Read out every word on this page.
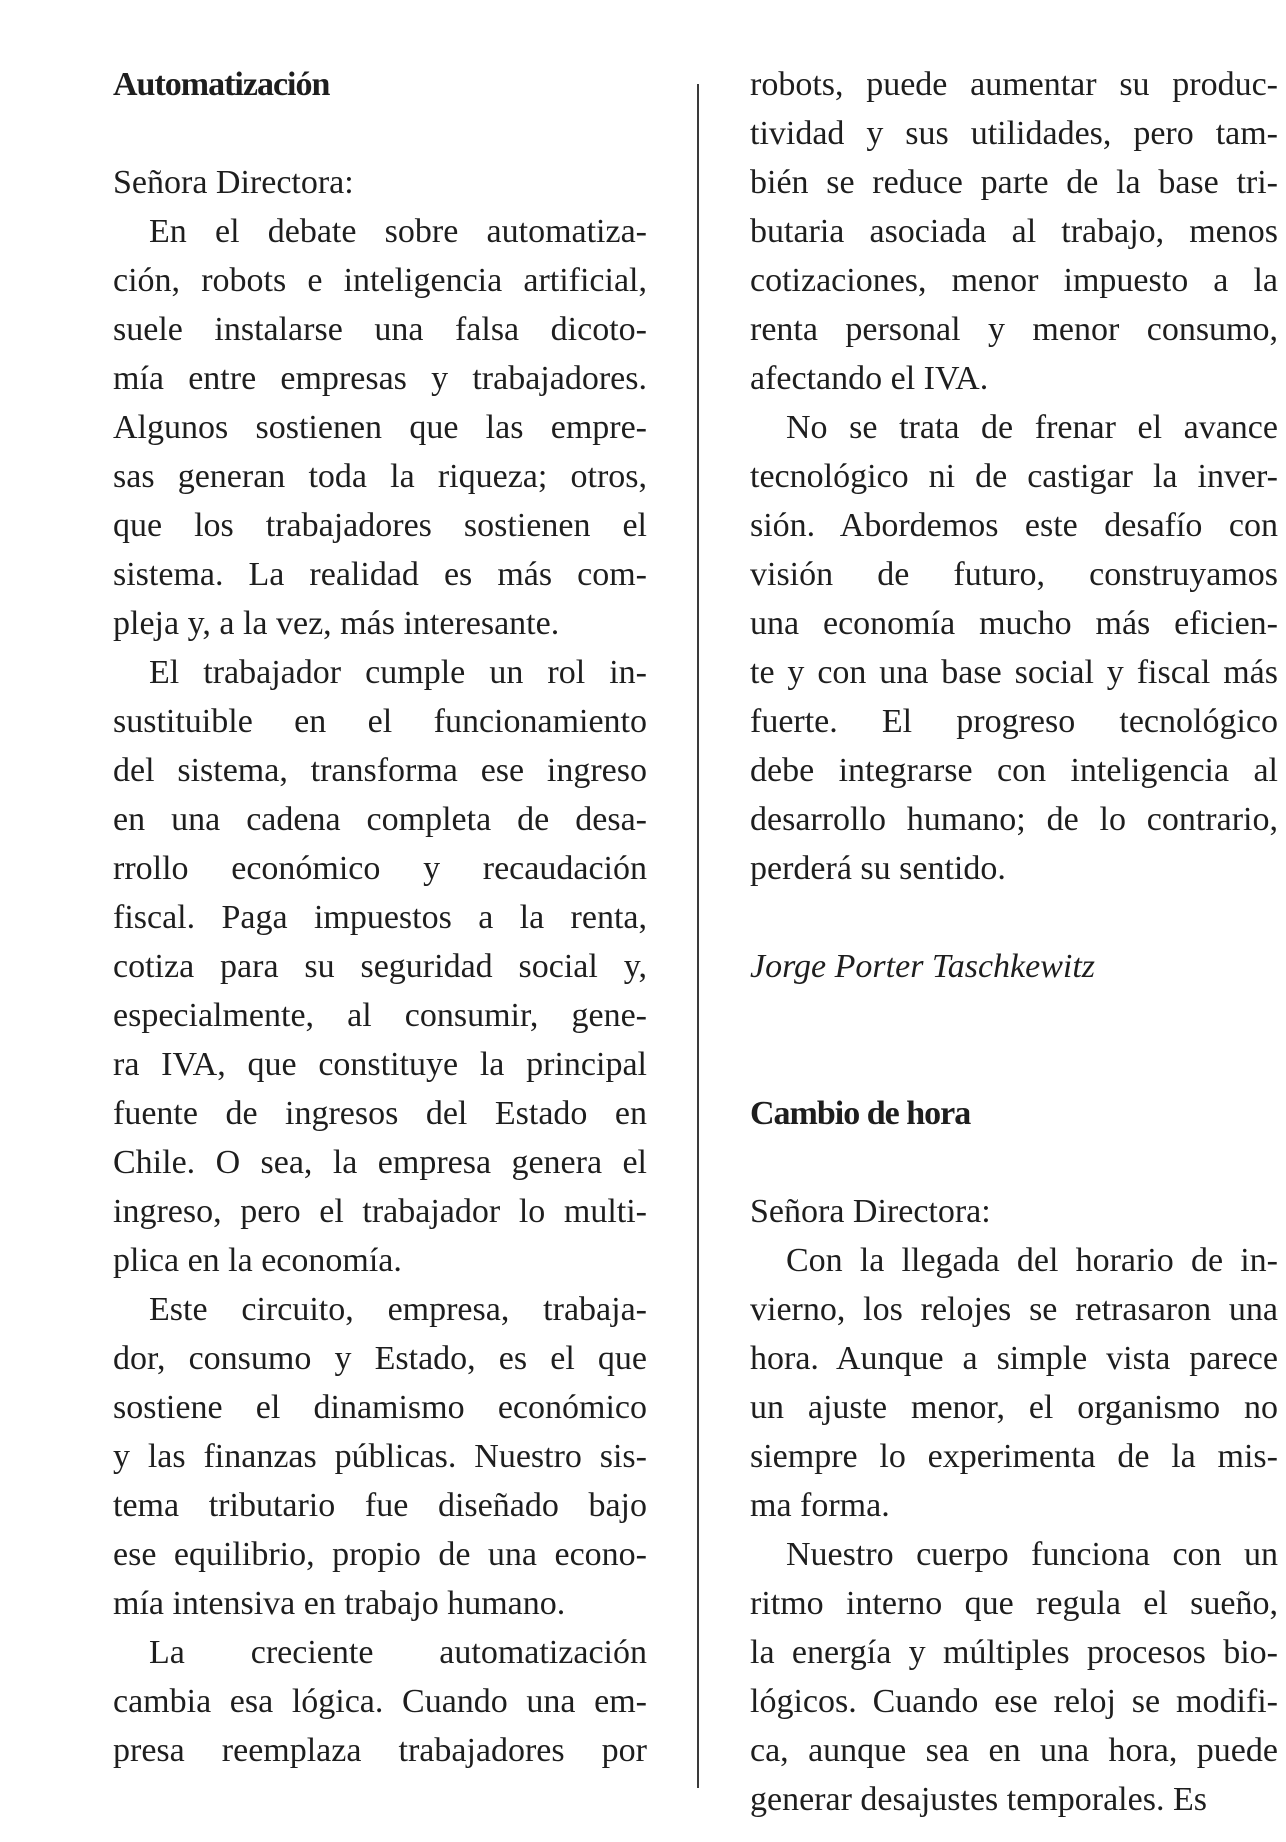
Automatización
Señora Directora:
En el debate sobre automatiza-
ción, robots e inteligencia artificial,
suele instalarse una falsa dicoto-
mía entre empresas y trabajadores.
Algunos sostienen que las empre-
sas generan toda la riqueza; otros,
que los trabajadores sostienen el
sistema. La realidad es más com-
pleja y, a la vez, más interesante.
El trabajador cumple un rol in-
sustituible en el funcionamiento
del sistema, transforma ese ingreso
en una cadena completa de desa-
rrollo económico y recaudación
fiscal. Paga impuestos a la renta,
cotiza para su seguridad social y,
especialmente, al consumir, gene-
ra IVA, que constituye la principal
fuente de ingresos del Estado en
Chile. O sea, la empresa genera el
ingreso, pero el trabajador lo multi-
plica en la economía.
Este circuito, empresa, trabaja-
dor, consumo y Estado, es el que
sostiene el dinamismo económico
y las finanzas públicas. Nuestro sis-
tema tributario fue diseñado bajo
ese equilibrio, propio de una econo-
mía intensiva en trabajo humano.
La creciente automatización
cambia esa lógica. Cuando una em-
presa reemplaza trabajadores por
robots, puede aumentar su produc-
tividad y sus utilidades, pero tam-
bién se reduce parte de la base tri-
butaria asociada al trabajo, menos
cotizaciones, menor impuesto a la
renta personal y menor consumo,
afectando el IVA.
No se trata de frenar el avance
tecnológico ni de castigar la inver-
sión. Abordemos este desafío con
visión de futuro, construyamos
una economía mucho más eficien-
te y con una base social y fiscal más
fuerte. El progreso tecnológico
debe integrarse con inteligencia al
desarrollo humano; de lo contrario,
perderá su sentido.
Jorge Porter Taschkewitz
Cambio de hora
Señora Directora:
Con la llegada del horario de in-
vierno, los relojes se retrasaron una
hora. Aunque a simple vista parece
un ajuste menor, el organismo no
siempre lo experimenta de la mis-
ma forma.
Nuestro cuerpo funciona con un
ritmo interno que regula el sueño,
la energía y múltiples procesos bio-
lógicos. Cuando ese reloj se modifi-
ca, aunque sea en una hora, puede
generar desajustes temporales. Es
